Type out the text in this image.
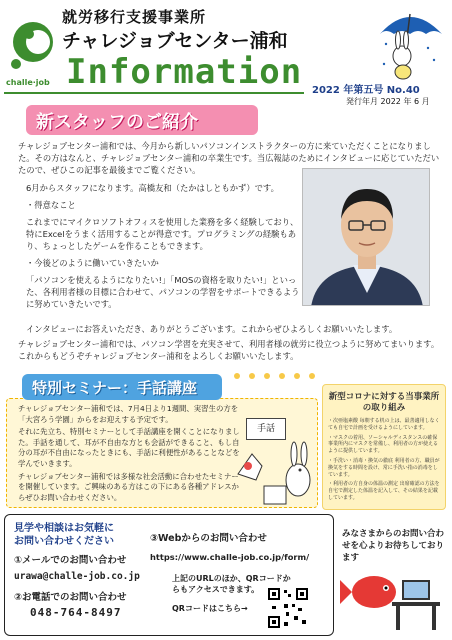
challe·job
就労移行支援事業所
チャレジョブセンター浦和
Information 2022 年第五号 No.40
発行年月 2022 年 6 月
新スタッフのご紹介
チャレジョブセンター浦和では、今月から新しいパソコンインストラクターの方に来ていただくことになりました。その方はなんと、チャレジョブセンター浦和の卒業生です。当広報誌のためにインタビューに応じていただいたので、ぜひこの記事を最後までご覧ください。

6月からスタッフになります。高橋友和（たかはしともかず）です。

・得意なこと

これまでにマイクロソフトオフィスを使用した業務を多く経験しており、特にExcelをうまく活用することが得意です。プログラミングの経験もあり、ちょっとしたゲームを作ることもできます。

・今後どのように働いていきたいか

「パソコンを使えるようになりたい!」「MOSの資格を取りたい!」といった、各利用者様の目標に合わせて、パソコンの学習をサポートできるように努めていきたいです。

インタビューにお答えいただき、ありがとうございます。これからぜひよろしくお願いいたします。
チャレジョブセンター浦和では、パソコン学習を充実させて、利用者様の就労に役立つように努めてまいります。これからもどうぞチャレジョブセンター浦和をよろしくお願いいたします。
特別セミナー：手話講座

チャレジョブセンター浦和では、7月4日より1週間、実習生の方を「大宮ろう学園」からをお迎えする予定です。

それに先立ち、特別セミナーとして手話講座を開くことになりました。手話を通して、耳が不自由な方とも会話ができること、もし自分の耳が不自由になったときにも、手話に利便性があることなどを学んでいきます。

チャレジョブセンター浦和では多様な社会活動に合わせたセミナーを開催しています。ご興味のある方はこの下にある各種アドレスからぜひお問い合わせください。

手話
新型コロナに対する当事業所の取り組み

・次亜塩素酸 毎朝する机の上は、最善適用しなくても自宅で計画を受けるようにしています。

・マスクの着用、ソーシャルディスタンスの確保 事業所内にマスクを常備し、利用者の方が使えるように提供しています。

・手洗い・消毒・換気の徹底 利用者の方、職員が換気をする時間を設け、常に手洗い指の消毒をしています。

・利用者の方自身の体温の測定 出席確認の方法を自宅で測定した体温を記入して、その結果を記載しています。

見学や相談はお気軽に
お問い合わせください
①メールでのお問い合わせ
urawa@challe-job.co.jp
②お電話でのお問い合わせ
048-764-8497
③Webからのお問い合わせ
https://www.challe-job.co.jp/form/
上記のURLのほか、QRコードからもアクセスできます。
QRコードはこちら→
みなさまからのお問い合わせを心よりお待ちしております
